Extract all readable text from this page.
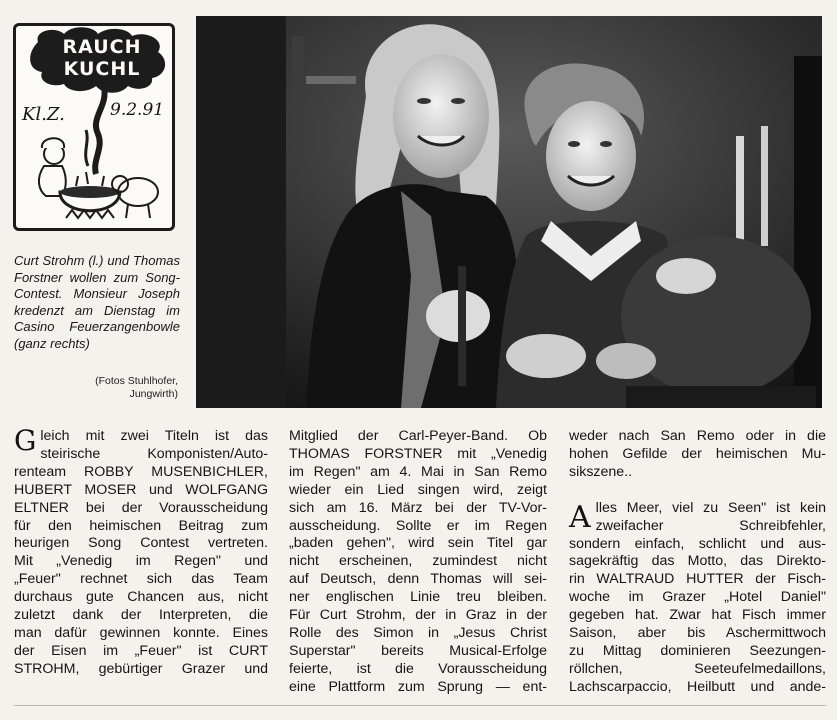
RAUCH
KUCHL
Kl.Z.	9.2.91
Curt Strohm (l.) und Thomas Forstner wollen zum Song-Contest. Monsieur Joseph kredenzt am Dienstag im Casino Feuerzangenbowle (ganz rechts)
(Fotos Stuhlhofer,
Jungwirth)
G leich mit zwei Titeln ist das
steirische Komponisten/Auto-
renteam ROBBY MUSENBICHLER,
HUBERT MOSER und WOLFGANG
ELTNER bei der Vorausscheidung
für den heimischen Beitrag zum
heurigen Song Contest vertreten.
Mit „Venedig im Regen" und
„Feuer" rechnet sich das Team
durchaus gute Chancen aus, nicht
zuletzt dank der Interpreten, die
man dafür gewinnen konnte. Eines
der Eisen im „Feuer" ist CURT
STROHM, gebürtiger Grazer und
Mitglied der Carl-Peyer-Band. Ob
THOMAS FORSTNER mit „Venedig
im Regen" am 4. Mai in San Remo
wieder ein Lied singen wird, zeigt
sich am 16. März bei der TV-Vor-
ausscheidung. Sollte er im Regen
„baden gehen", wird sein Titel gar
nicht erscheinen, zumindest nicht
auf Deutsch, denn Thomas will sei-
ner englischen Linie treu bleiben.
Für Curt Strohm, der in Graz in der
Rolle des Simon in „Jesus Christ
Superstar" bereits Musical-Erfolge
feierte, ist die Vorausscheidung
eine Plattform zum Sprung — ent-
weder nach San Remo oder in die
hohen Gefilde der heimischen Mu-
sikszene..
A lles Meer, viel zu Seen" ist kein
zweifacher Schreibfehler,
sondern einfach, schlicht und aus-
sagekräftig das Motto, das Direkto-
rin WALTRAUD HUTTER der Fisch-
woche im Grazer „Hotel Daniel"
gegeben hat. Zwar hat Fisch immer
Saison, aber bis Aschermittwoch
zu Mittag dominieren Seezungen-
röllchen, Seeteufelmedaillons,
Lachscarpaccio, Heilbutt und ande-
